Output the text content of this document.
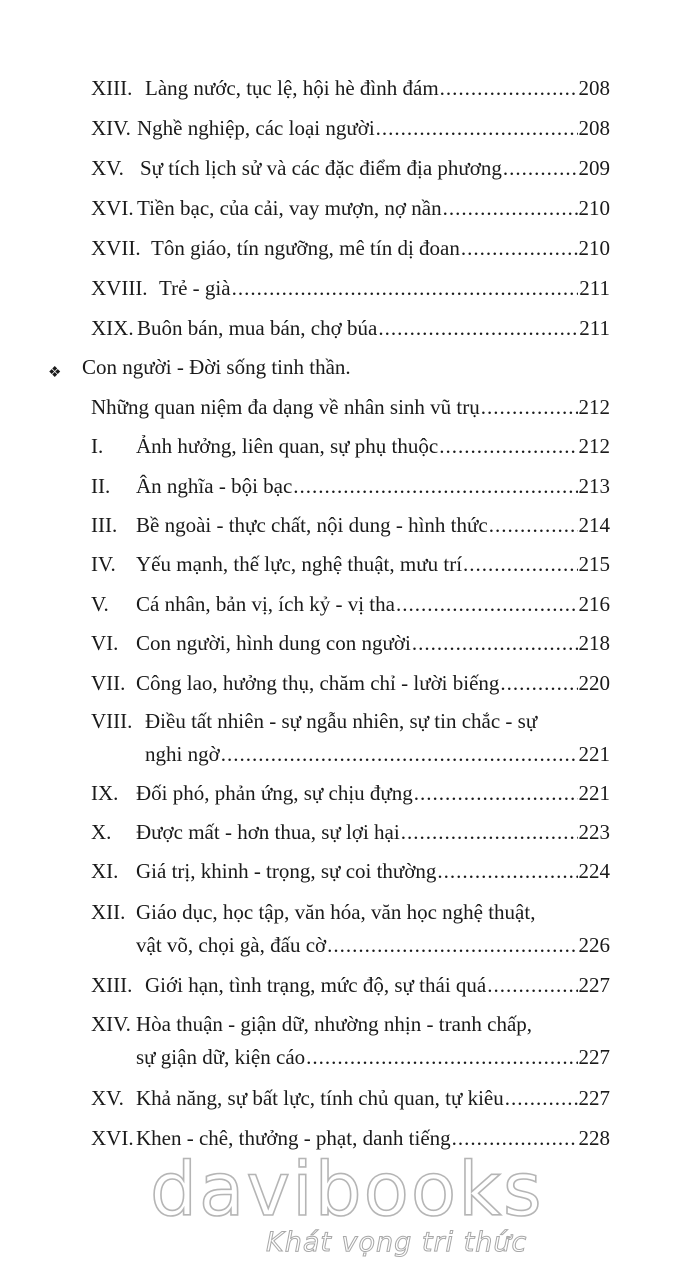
XIII. Làng nước, tục lệ, hội hè đình đám .....	208
XIV. Nghề nghiệp, các loại người .....	208
XV. Sự tích lịch sử và các đặc điểm địa phương .....	209
XVI. Tiền bạc, của cải, vay mượn, nợ nần .....	210
XVII. Tôn giáo, tín ngưỡng, mê tín dị đoan .....	210
XVIII. Trẻ - già .....	211
XIX. Buôn bán, mua bán, chợ búa .....	211
❖ Con người - Đời sống tinh thần.
Những quan niệm đa dạng về nhân sinh vũ trụ .....	212
I. Ảnh hưởng, liên quan, sự phụ thuộc .....	212
II. Ân nghĩa - bội bạc .....	213
III. Bề ngoài - thực chất, nội dung - hình thức .....	214
IV. Yếu mạnh, thế lực, nghệ thuật, mưu trí .....	215
V. Cá nhân, bản vị, ích kỷ - vị tha .....	216
VI. Con người, hình dung con người .....	218
VII. Công lao, hưởng thụ, chăm chỉ - lười biếng .....	220
VIII. Điều tất nhiên - sự ngẫu nhiên, sự tin chắc - sự
nghi ngờ .....	221
IX. Đối phó, phản ứng, sự chịu đựng .....	221
X. Được mất - hơn thua, sự lợi hại .....	223
XI. Giá trị, khinh - trọng, sự coi thường .....	224
XII. Giáo dục, học tập, văn hóa, văn học nghệ thuật,
vật võ, chọi gà, đấu cờ .....	226
XIII. Giới hạn, tình trạng, mức độ, sự thái quá .....	227
XIV. Hòa thuận - giận dữ, nhường nhịn - tranh chấp,
sự giận dữ, kiện cáo .....	227
XV. Khả năng, sự bất lực, tính chủ quan, tự kiêu .....	227
XVI. Khen - chê, thưởng - phạt, danh tiếng .....	228
davibooks
Khát vọng tri thức
